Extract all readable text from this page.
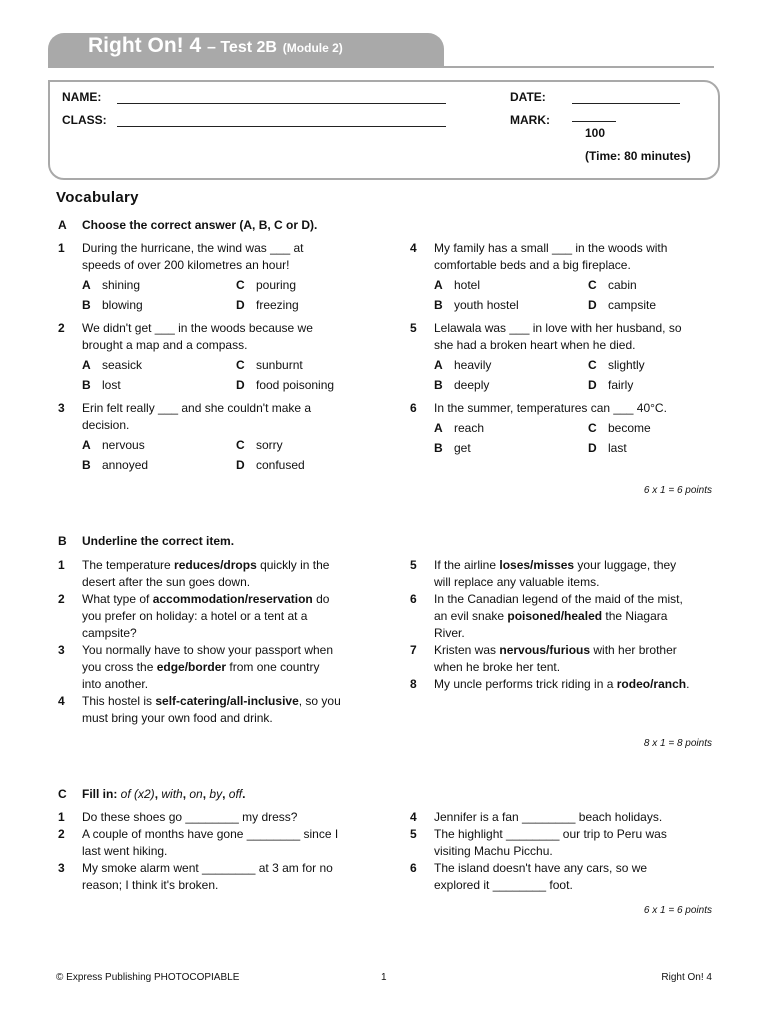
Right On! 4 – Test 2B (Module 2)
NAME:
CLASS:
DATE:
MARK:
100
(Time: 80 minutes)
Vocabulary
A Choose the correct answer (A, B, C or D).
1 During the hurricane, the wind was ___ at speeds of over 200 kilometres an hour!
A shining	C pouring
B blowing	D freezing
2 We didn't get ___ in the woods because we brought a map and a compass.
A seasick	C sunburnt
B lost	D food poisoning
3 Erin felt really ___ and she couldn't make a decision.
A nervous	C sorry
B annoyed	D confused
4 My family has a small ___ in the woods with comfortable beds and a big fireplace.
A hotel	C cabin
B youth hostel	D campsite
5 Lelawala was ___ in love with her husband, so she had a broken heart when he died.
A heavily	C slightly
B deeply	D fairly
6 In the summer, temperatures can ___ 40°C.
A reach	C become
B get	D last
6 x 1 = 6 points
B Underline the correct item.
1 The temperature reduces/drops quickly in the desert after the sun goes down.
2 What type of accommodation/reservation do you prefer on holiday: a hotel or a tent at a campsite?
3 You normally have to show your passport when you cross the edge/border from one country into another.
4 This hostel is self-catering/all-inclusive, so you must bring your own food and drink.
5 If the airline loses/misses your luggage, they will replace any valuable items.
6 In the Canadian legend of the maid of the mist, an evil snake poisoned/healed the Niagara River.
7 Kristen was nervous/furious with her brother when he broke her tent.
8 My uncle performs trick riding in a rodeo/ranch.
8 x 1 = 8 points
C Fill in: of (x2), with, on, by, off.
1 Do these shoes go ________ my dress?
2 A couple of months have gone ________ since I last went hiking.
3 My smoke alarm went ________ at 3 am for no reason; I think it's broken.
4 Jennifer is a fan ________ beach holidays.
5 The highlight ________ our trip to Peru was visiting Machu Picchu.
6 The island doesn't have any cars, so we explored it ________ foot.
6 x 1 = 6 points
© Express Publishing PHOTOCOPIABLE	1	Right On! 4
